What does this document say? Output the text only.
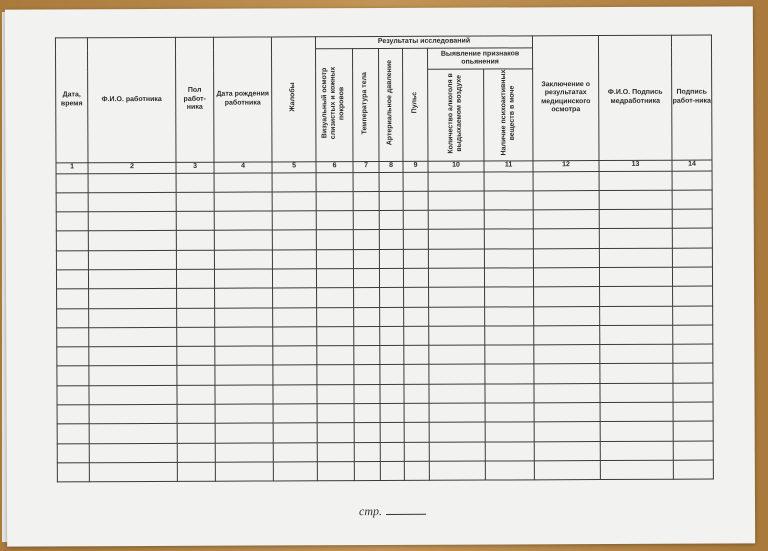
Дата, время	Ф.И.О. работника	Пол работ-ника	Дата рождения работника	Жалобы	Результаты исследований						Заключение о результатах медицинского осмотра	Ф.И.О. Подпись медработника	Подпись работ-ника
					Визуальный осмотр слизистых и кожных покровов	Температура тела	Артериальное давление	Пульс	Выявление признаков опьянения				
									Количество алкоголя в выдыхаемом воздухе	Наличие психоактивных веществ в моче			
1	2	3	4	5	6	7	8	9	10	11	12	13	14

стр.
